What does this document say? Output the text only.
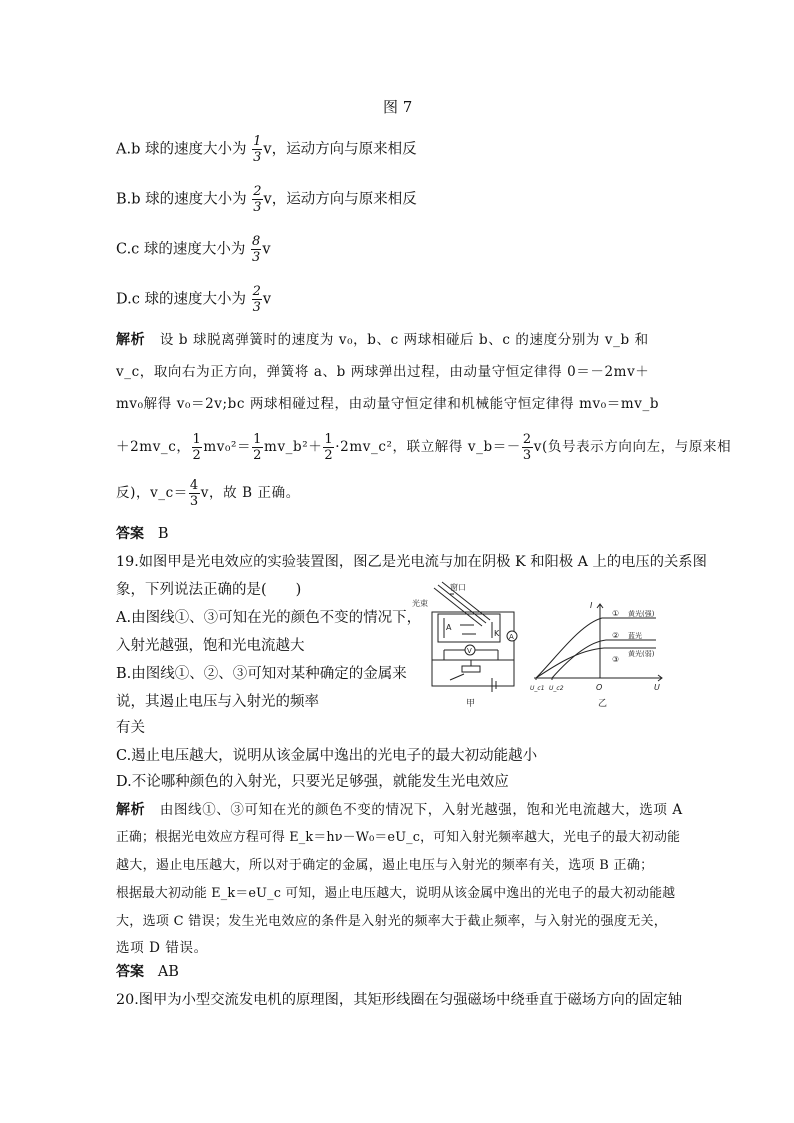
图 7
A.b 球的速度大小为 $\frac{1}{3}$ v，运动方向与原来相反
B.b 球的速度大小为 $\frac{2}{3}$ v，运动方向与原来相反
C.c 球的速度大小为 $\frac{8}{3}$ v
D.c 球的速度大小为 $\frac{2}{3}$ v
解析 设 b 球脱离弹簧时的速度为 v₀，b、c 两球相碰后 b、c 的速度分别为 v_b 和
v_c，取向右为正方向，弹簧将 a、b 两球弹出过程，由动量守恒定律得 0＝－2mv＋
mv₀解得 v₀＝2v;bc 两球相碰过程，由动量守恒定律和机械能守恒定律得 mv₀＝mv_b
＋2mv_c， $\frac{1}{2} mv_0^2= \frac{1}{2}$ mv_b²＋ $\frac{1}{2}$ ·2mv_c²，联立解得 v_b＝－ $\frac{2}{3} v$(负号表示方向向左，与原来相
反)，v_c＝ $\frac{4}{3}$ v，故 B 正确。
答案 B
19.如图甲是光电效应的实验装置图，图乙是光电流与加在阴极 K 和阳极 A 上的电压的关系图
象，下列说法正确的是(　　)
A.由图线①、③可知在光的颜色不变的情况下，
入射光越强，饱和光电流越大
B.由图线①、②、③可知对某种确定的金属来
说，其遏止电压与入射光的频率
有关
C.遏止电压越大，说明从该金属中逸出的光电子的最大初动能越小
D.不论哪种颜色的入射光，只要光足够强，就能发生光电效应
窗口
光束
A
K A
V
甲
I
U
O
U_c1 U_c2
①
②
③
黄光(强)
蓝光
黄光(弱)
乙
解析 由图线①、③可知在光的颜色不变的情况下，入射光越强，饱和光电流越大，选项 A
正确；根据光电效应方程可得 E_k＝hν－W₀＝eU_c，可知入射光频率越大，光电子的最大初动能
越大，遏止电压越大，所以对于确定的金属，遏止电压与入射光的频率有关，选项 B 正确；
根据最大初动能 E_k＝eU_c 可知，遏止电压越大，说明从该金属中逸出的光电子的最大初动能越
大，选项 C 错误；发生光电效应的条件是入射光的频率大于截止频率，与入射光的强度无关，
选项 D 错误。
答案 AB
20.图甲为小型交流发电机的原理图，其矩形线圈在匀强磁场中绕垂直于磁场方向的固定轴
